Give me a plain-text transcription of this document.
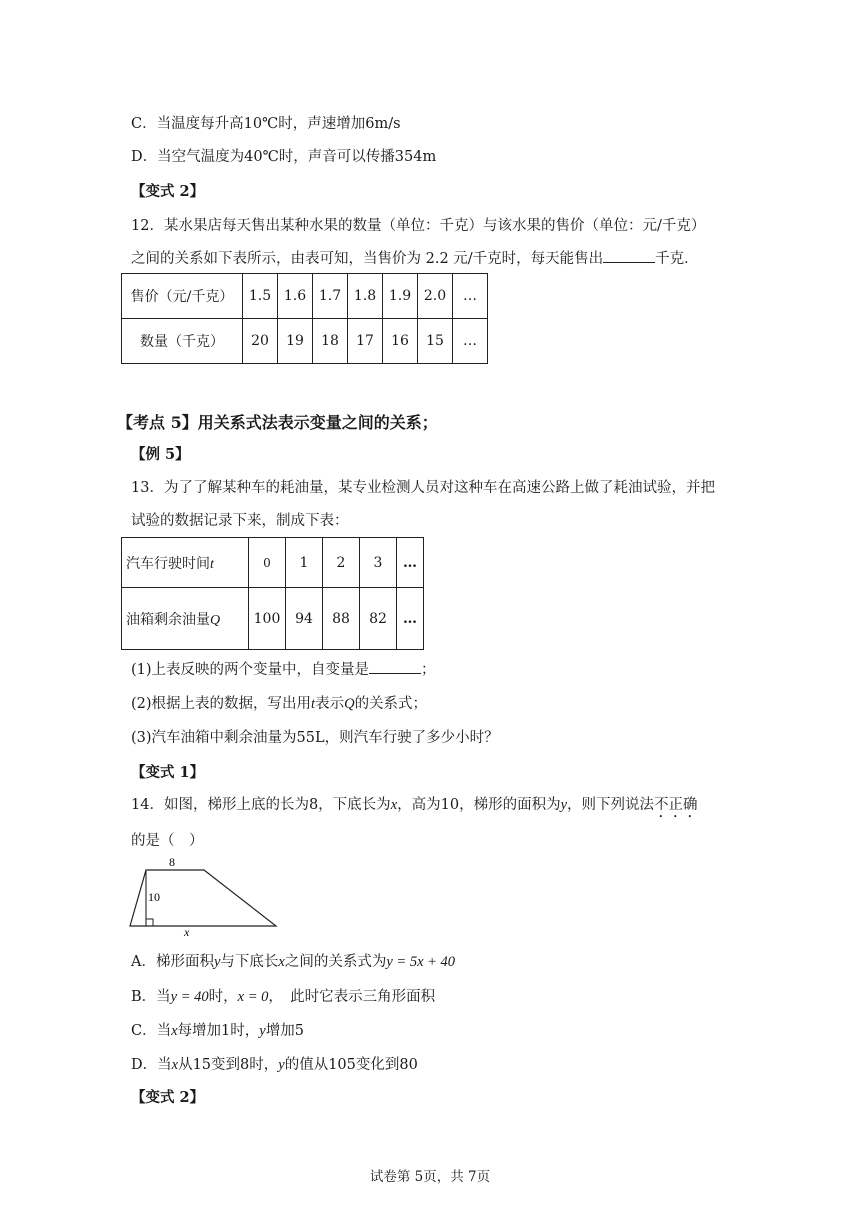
C．当温度每升高10℃时，声速增加6m/s
D．当空气温度为40℃时，声音可以传播354m
【变式 2】
12．某水果店每天售出某种水果的数量（单位：千克）与该水果的售价（单位：元/千克）
之间的关系如下表所示，由表可知，当售价为 2.2 元/千克时，每天能售出	千克．
售价（元/千克）	1.5	1.6	1.7	1.8	1.9	2.0	…
数量（千克）	20	19	18	17	16	15	…
【考点 5】用关系式法表示变量之间的关系；
【例 5】
13．为了了解某种车的耗油量，某专业检测人员对这种车在高速公路上做了耗油试验，并把
试验的数据记录下来，制成下表：
汽车行驶时间t	0	1	2	3	…
油箱剩余油量Q	100	94	88	82	…
(1)上表反映的两个变量中，自变量是	；
(2)根据上表的数据，写出用t表示Q的关系式；
(3)汽车油箱中剩余油量为55L，则汽车行驶了多少小时？
【变式 1】
14．如图，梯形上底的长为8，下底长为x，高为10，梯形的面积为y，则下列说法不正确
的是（　）
8
10
x
A．梯形面积y与下底长x之间的关系式为y = 5x + 40
B．当y = 40时，x = 0，　此时它表示三角形面积
C．当x每增加1时，y增加5
D．当x从15变到8时，y的值从105变化到80
【变式 2】
试卷第 5页，共 7页
